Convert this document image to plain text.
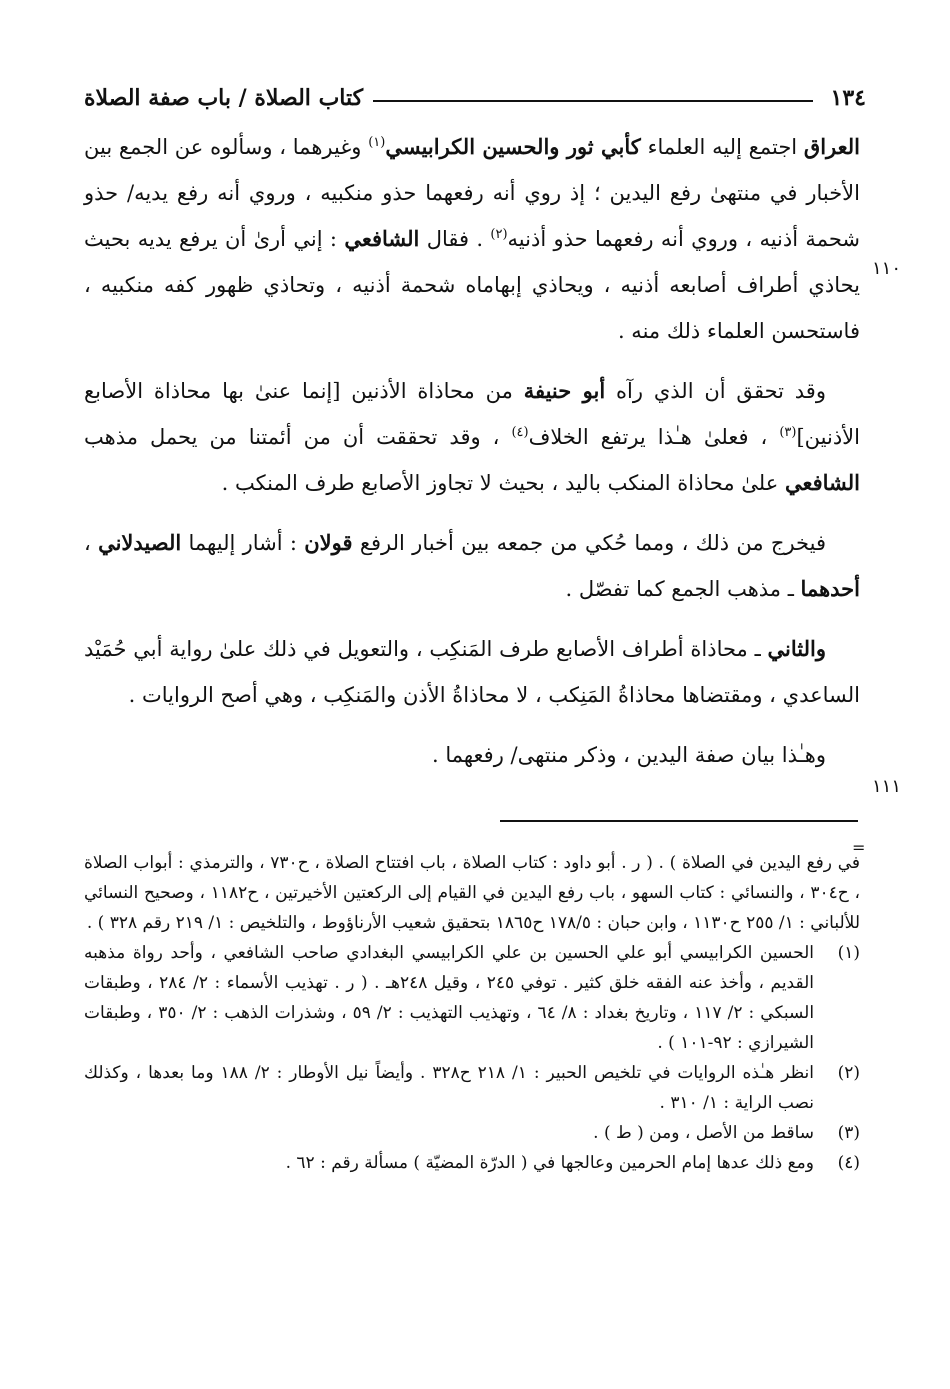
١٣٤
كتاب الصلاة / باب صفة الصلاة
١١٠
١١١

العراق اجتمع إليه العلماء كأبي ثور والحسين الكرابيسي$^{(١)}$ وغيرهما ، وسألوه عن الجمع بين الأخبار في منتهىٰ رفع اليدين ؛ إذ روي أنه رفعهما حذو منكبيه ، وروي أنه رفع يديه/ حذو شحمة أذنيه ، وروي أنه رفعهما حذو أذنيه$^{(٢)}$ . فقال الشافعي : إني أرىٰ أن يرفع يديه بحيث يحاذي أطراف أصابعه أذنيه ، ويحاذي إبهاماه شحمة أذنيه ، وتحاذي ظهور كفه منكبيه ، فاستحسن العلماء ذلك منه .

وقد تحقق أن الذي رآه أبو حنيفة من محاذاة الأذنين [إنما عنىٰ بها محاذاة الأصابع الأذنين]$^{(٣)}$ ، فعلىٰ هـٰذا يرتفع الخلاف$^{(٤)}$ ، وقد تحققت أن من أئمتنا من يحمل مذهب الشافعي علىٰ محاذاة المنكب باليد ، بحيث لا تجاوز الأصابع طرف المنكب .

فيخرج من ذلك ، ومما حُكي من جمعه بين أخبار الرفع قولان : أشار إليهما الصيدلاني ، أحدهما ـ مذهب الجمع كما تفصّل .

والثاني ـ محاذاة أطراف الأصابع طرف المَنكِب ، والتعويل في ذلك علىٰ رواية أبي حُمَيْد الساعدي ، ومقتضاها محاذاةُ المَنِكب ، لا محاذاةُ الأذن والمَنكِب ، وهي أصح الروايات .

وهـٰذا بيان صفة اليدين ، وذكر منتهى/ رفعهما .

=

في رفع اليدين في الصلاة ) . ( ر . أبو داود : كتاب الصلاة ، باب افتتاح الصلاة ، ح٧٣٠ ، والترمذي : أبواب الصلاة ، ح٣٠٤ ، والنسائي : كتاب السهو ، باب رفع اليدين في القيام إلى الركعتين الأخيرتين ، ح١١٨٢ ، وصحيح النسائي للألباني : ١/ ٢٥٥ ح١١٣٠ ، وابن حبان : ١٧٨/٥ ح١٨٦٥ بتحقيق شعيب الأرناؤوط ، والتلخيص : ١/ ٢١٩ رقم ٣٢٨ ) .

(١)
الحسين الكرابيسي أبو علي الحسين بن علي الكرابيسي البغدادي صاحب الشافعي ، وأحد رواة مذهبه القديم ، وأخذ عنه الفقه خلق كثير . توفي ٢٤٥ ، وقيل ٢٤٨هـ . ( ر . تهذيب الأسماء : ٢/ ٢٨٤ ، وطبقات السبكي : ٢/ ١١٧ ، وتاريخ بغداد : ٨/ ٦٤ ، وتهذيب التهذيب : ٢/ ٥٩ ، وشذرات الذهب : ٢/ ٣٥٠ ، وطبقات الشيرازي : ٩٢-١٠١ ) .
(٢)
انظر هـٰذه الروايات في تلخيص الحبير : ١/ ٢١٨ ح٣٢٨ . وأيضاً نيل الأوطار : ٢/ ١٨٨ وما بعدها ، وكذلك نصب الراية : ١/ ٣١٠ .
(٣)
ساقط من الأصل ، ومن ( ط ) .
(٤)
ومع ذلك عدها إمام الحرمين وعالجها في ( الدرّة المضيّة ) مسألة رقم : ٦٢ .
